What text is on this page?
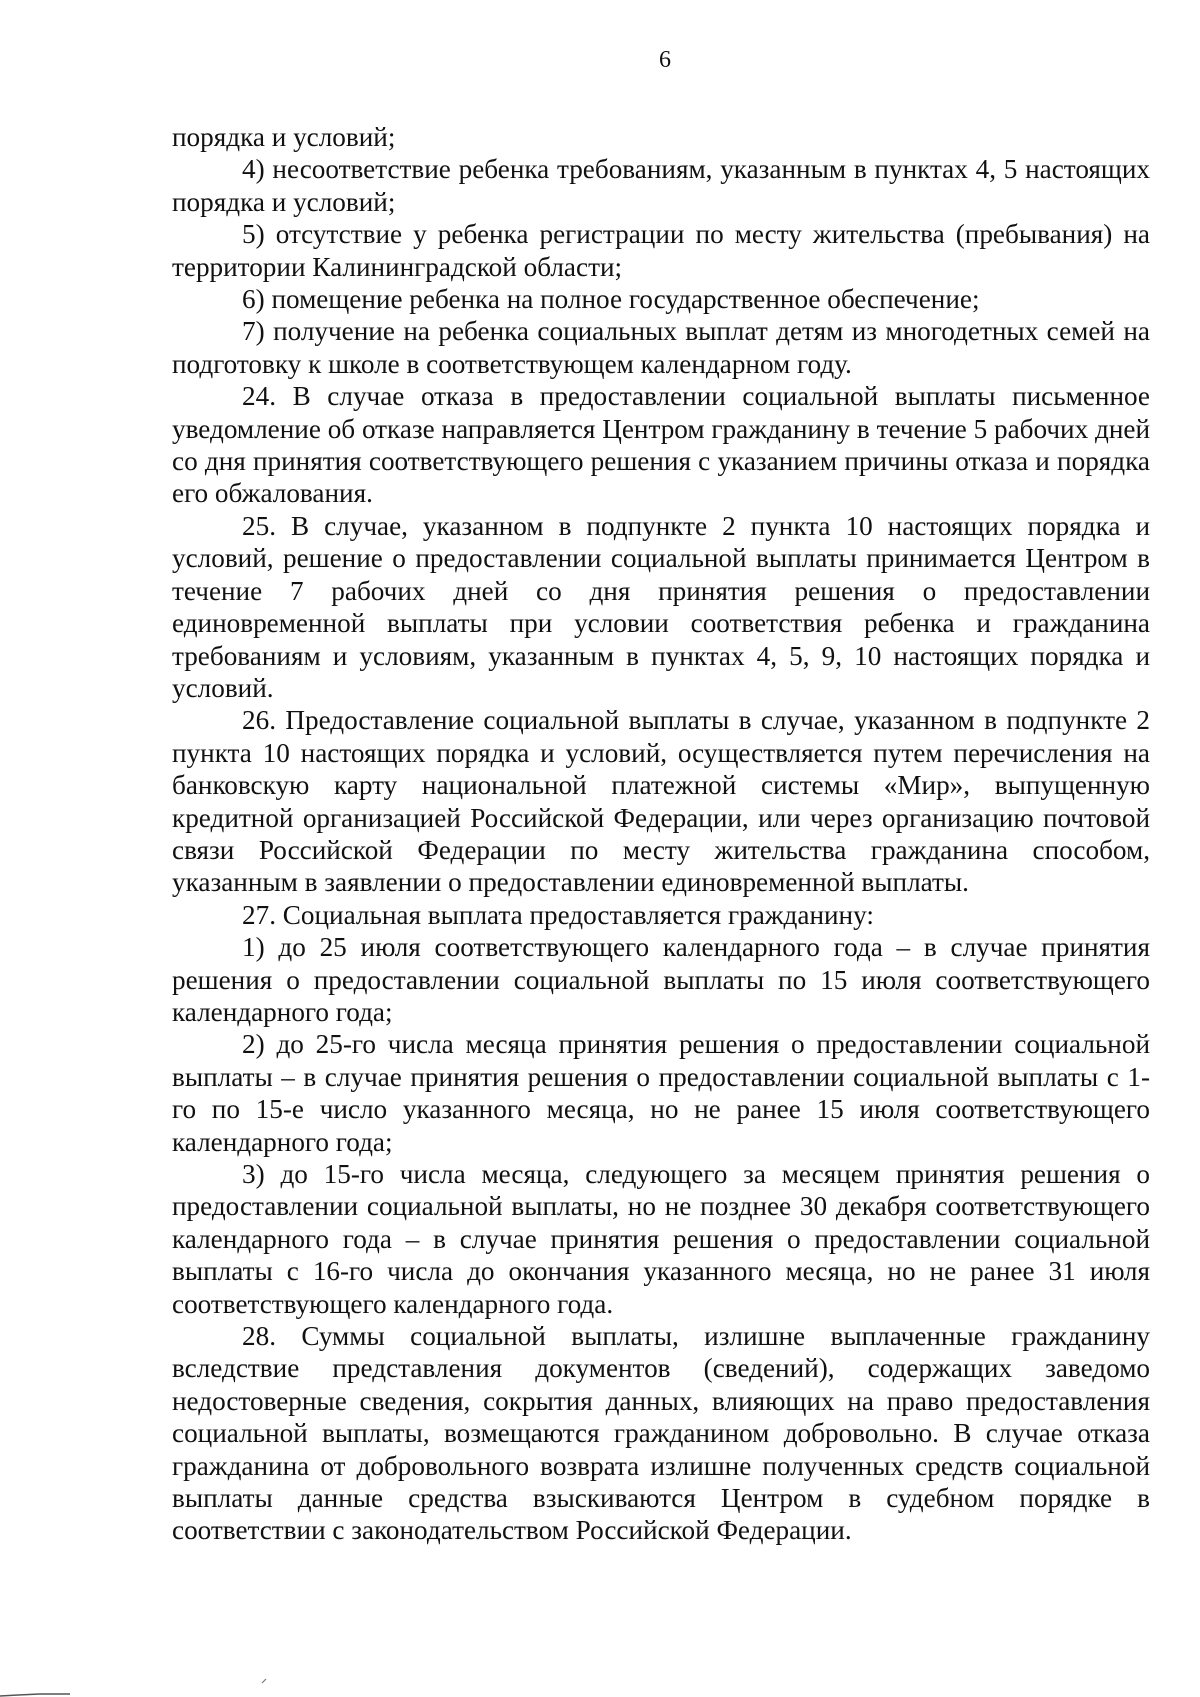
6

порядка и условий;

4) несоответствие ребенка требованиям, указанным в пунктах 4, 5 настоящих порядка и условий;

5) отсутствие у ребенка регистрации по месту жительства (пребывания) на территории Калининградской области;

6) помещение ребенка на полное государственное обеспечение;

7) получение на ребенка социальных выплат детям из многодетных семей на подготовку к школе в соответствующем календарном году.

24. В случае отказа в предоставлении социальной выплаты письменное уведомление об отказе направляется Центром гражданину в течение 5 рабочих дней со дня принятия соответствующего решения с указанием причины отказа и порядка его обжалования.

25. В случае, указанном в подпункте 2 пункта 10 настоящих порядка и условий, решение о предоставлении социальной выплаты принимается Центром в течение 7 рабочих дней со дня принятия решения о предоставлении единовременной выплаты при условии соответствия ребенка и гражданина требованиям и условиям, указанным в пунктах 4, 5, 9, 10 настоящих порядка и условий.

26. Предоставление социальной выплаты в случае, указанном в подпункте 2 пункта 10 настоящих порядка и условий, осуществляется путем перечисления на банковскую карту национальной платежной системы «Мир», выпущенную кредитной организацией Российской Федерации, или через организацию почтовой связи Российской Федерации по месту жительства гражданина способом, указанным в заявлении о предоставлении единовременной выплаты.

27. Социальная выплата предоставляется гражданину:

1) до 25 июля соответствующего календарного года – в случае принятия решения о предоставлении социальной выплаты по 15 июля соответствующего календарного года;

2) до 25-го числа месяца принятия решения о предоставлении социальной выплаты – в случае принятия решения о предоставлении социальной выплаты с 1-го по 15-е число указанного месяца, но не ранее 15 июля соответствующего календарного года;

3) до 15-го числа месяца, следующего за месяцем принятия решения о предоставлении социальной выплаты, но не позднее 30 декабря соответствующего календарного года – в случае принятия решения о предоставлении социальной выплаты с 16-го числа до окончания указанного месяца, но не ранее 31 июля соответствующего календарного года.

28. Суммы социальной выплаты, излишне выплаченные гражданину вследствие представления документов (сведений), содержащих заведомо недостоверные сведения, сокрытия данных, влияющих на право предоставления социальной выплаты, возмещаются гражданином добровольно. В случае отказа гражданина от добровольного возврата излишне полученных средств социальной выплаты данные средства взыскиваются Центром в судебном порядке в соответствии с законодательством Российской Федерации.
